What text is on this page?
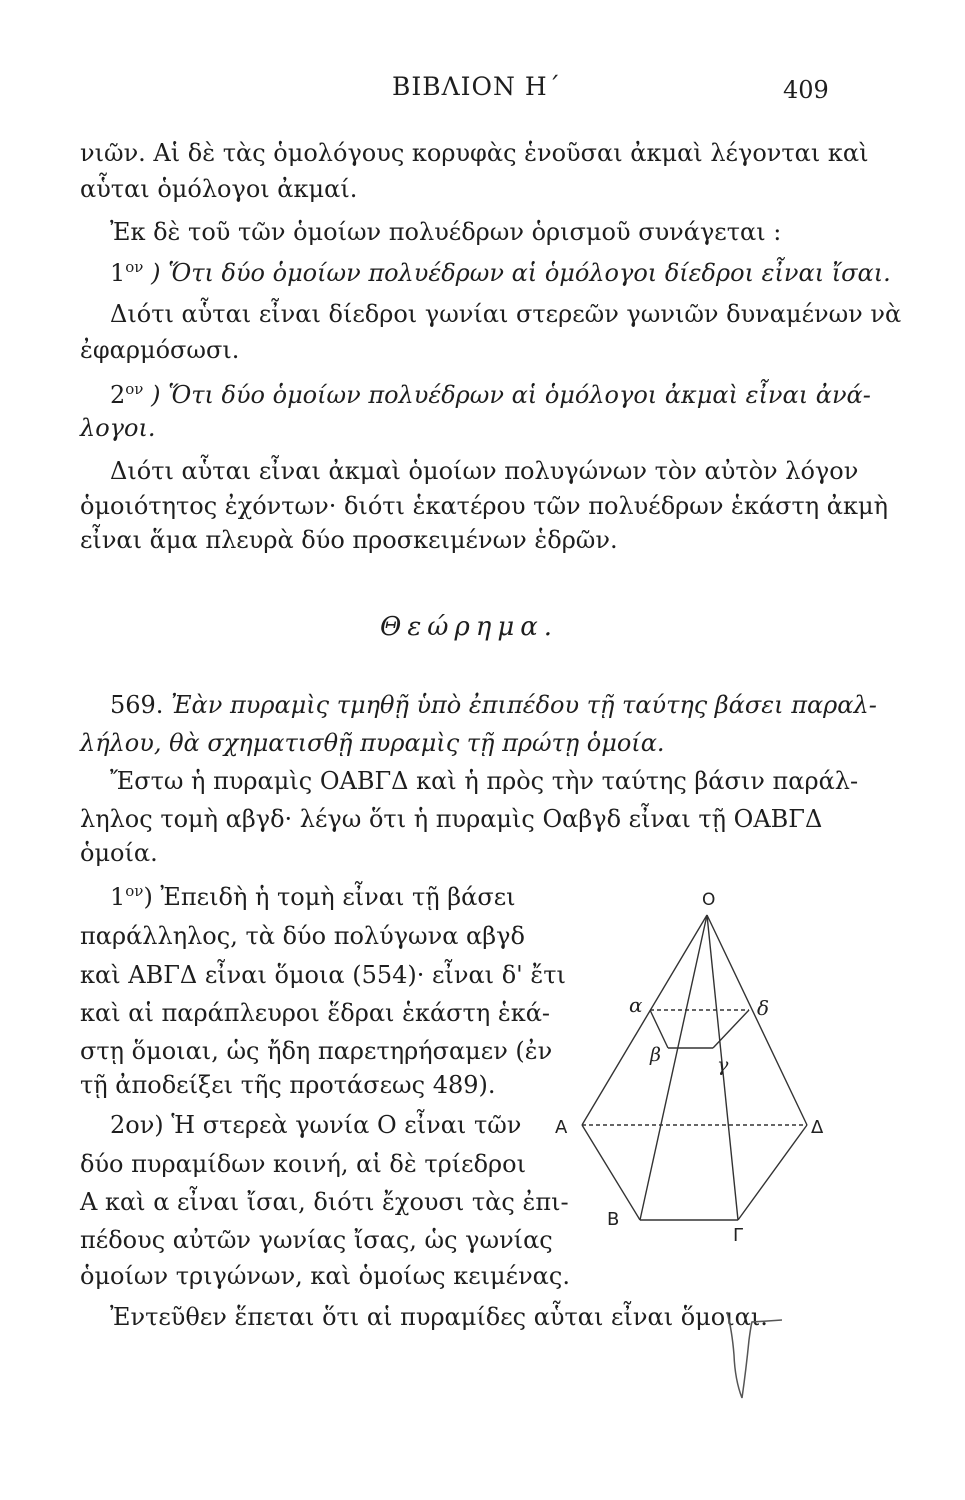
ΒΙΒΛΙΟΝ Η΄	409
νιῶν. Αἱ δὲ τὰς ὁμολόγους κορυφὰς ἑνοῦσαι ἀκμαὶ λέγονται καὶ
αὗται ὁμόλογοι ἀκμαί.
Ἐκ δὲ τοῦ τῶν ὁμοίων πολυέδρων ὁρισμοῦ συνάγεται :
$1^{o\nu}$ ) Ὅτι δύο ὁμοίων πολυέδρων αἱ ὁμόλογοι δίεδροι εἶναι ἴσαι.
Διότι αὗται εἶναι δίεδροι γωνίαι στερεῶν γωνιῶν δυναμένων νὰ
ἐφαρμόσωσι.
$2^{o\nu}$ ) Ὅτι δύο ὁμοίων πολυέδρων αἱ ὁμόλογοι ἀκμαὶ εἶναι ἀνά-
λογοι.
Διότι αὗται εἶναι ἀκμαὶ ὁμοίων πολυγώνων τὸν αὐτὸν λόγον
ὁμοιότητος ἐχόντων· διότι ἑκατέρου τῶν πολυέδρων ἑκάστη ἀκμὴ
εἶναι ἅμα πλευρὰ δύο προσκειμένων ἑδρῶν.
Θεώρημα.
569. Ἐὰν πυραμὶς τμηθῇ ὑπὸ ἐπιπέδου τῇ ταύτης βάσει παραλ-
λήλου, θὰ σχηματισθῇ πυραμὶς τῇ πρώτῃ ὁμοία.
Ἔστω ἡ πυραμὶς ΟΑΒΓΔ καὶ ἡ πρὸς τὴν ταύτης βάσιν παράλ-
ληλος τομὴ αβγδ· λέγω ὅτι ἡ πυραμὶς Οαβγδ εἶναι τῇ ΟΑΒΓΔ
ὁμοία.
$1^{o\nu}$) Ἐπειδὴ ἡ τομὴ εἶναι τῇ βάσει
παράλληλος, τὰ δύο πολύγωνα αβγδ
καὶ ΑΒΓΔ εἶναι ὅμοια (554)· εἶναι δ' ἔτι
καὶ αἱ παράπλευροι ἕδραι ἑκάστη ἑκά-
στῃ ὅμοιαι, ὡς ἤδη παρετηρήσαμεν (ἐν
τῇ ἀποδείξει τῆς προτάσεως 489).
2ον) Ἡ στερεὰ γωνία Ο εἶναι τῶν
δύο πυραμίδων κοινή, αἱ δὲ τρίεδροι
Α καὶ α εἶναι ἴσαι, διότι ἔχουσι τὰς ἐπι-
πέδους αὐτῶν γωνίας ἴσας, ὡς γωνίας
ὁμοίων τριγώνων, καὶ ὁμοίως κειμένας.
Ἐντεῦθεν ἕπεται ὅτι αἱ πυραμίδες αὗται εἶναι ὅμοιαι.
O
α
β	γ
δ
Α
Β
Γ
Δ
